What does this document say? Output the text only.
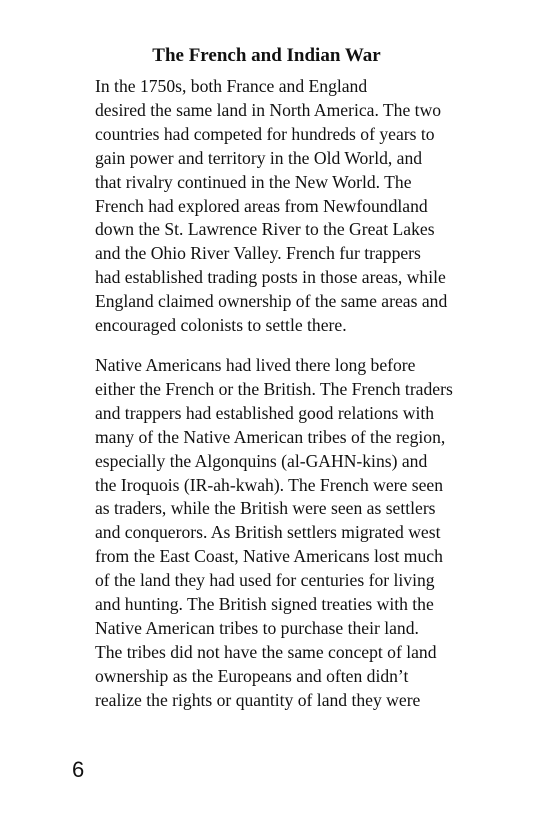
The French and Indian War

In the 1750s, both France and England
desired the same land in North America. The two
countries had competed for hundreds of years to
gain power and territory in the Old World, and
that rivalry continued in the New World. The
French had explored areas from Newfoundland
down the St. Lawrence River to the Great Lakes
and the Ohio River Valley. French fur trappers
had established trading posts in those areas, while
England claimed ownership of the same areas and
encouraged colonists to settle there.

Native Americans had lived there long before
either the French or the British. The French traders
and trappers had established good relations with
many of the Native American tribes of the region,
especially the Algonquins (al-GAHN-kins) and
the Iroquois (IR-ah-kwah). The French were seen
as traders, while the British were seen as settlers
and conquerors. As British settlers migrated west
from the East Coast, Native Americans lost much
of the land they had used for centuries for living
and hunting. The British signed treaties with the
Native American tribes to purchase their land.
The tribes did not have the same concept of land
ownership as the Europeans and often didn’t
realize the rights or quantity of land they were

6
